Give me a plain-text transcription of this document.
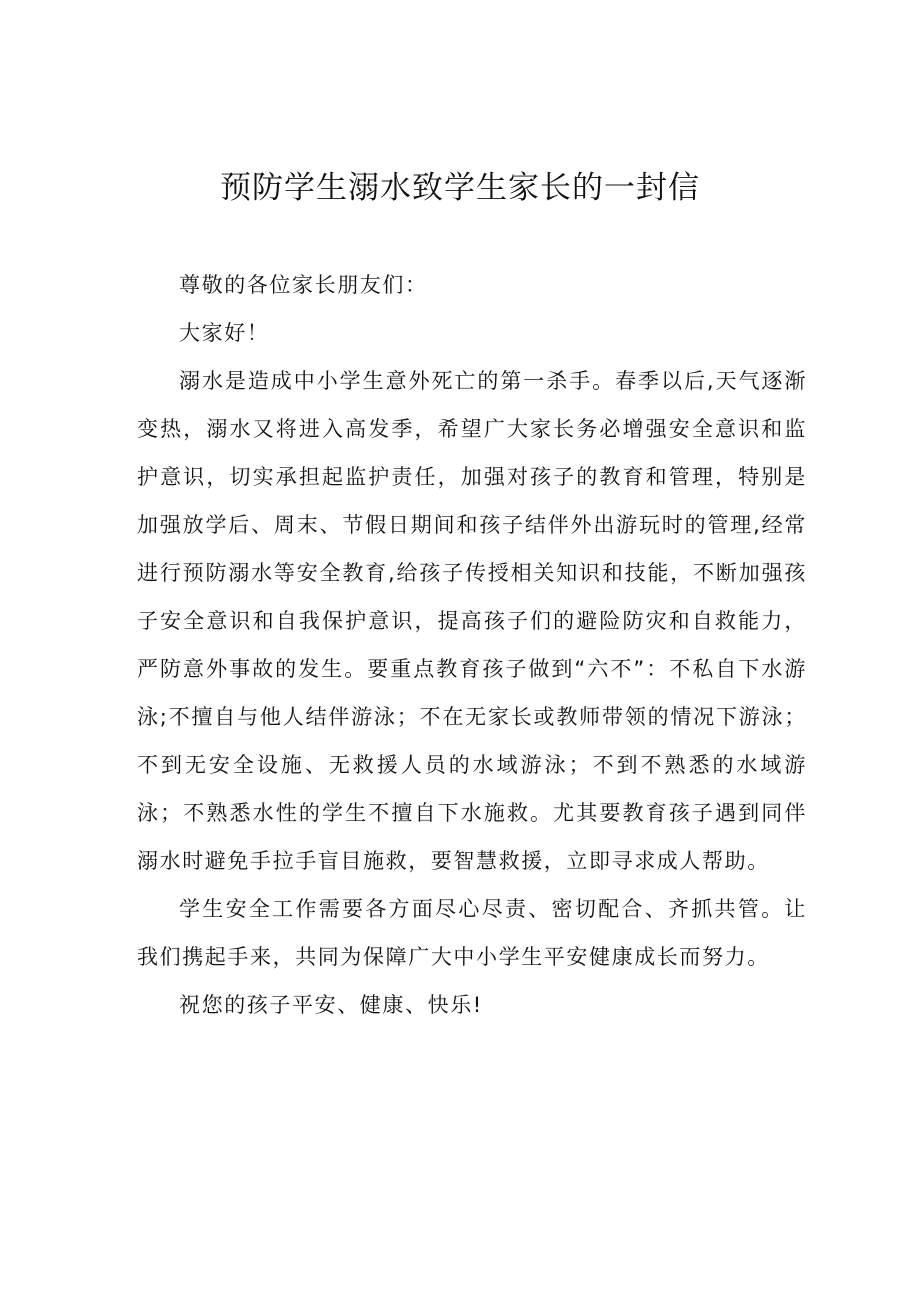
预防学生溺水致学生家长的一封信

尊敬的各位家长朋友们：

大家好！

溺水是造成中小学生意外死亡的第一杀手。春季以后,天气逐渐变热，溺水又将进入高发季，希望广大家长务必增强安全意识和监护意识，切实承担起监护责任，加强对孩子的教育和管理，特别是加强放学后、周末、节假日期间和孩子结伴外出游玩时的管理,经常进行预防溺水等安全教育,给孩子传授相关知识和技能，不断加强孩子安全意识和自我保护意识，提高孩子们的避险防灾和自救能力，严防意外事故的发生。要重点教育孩子做到“六不”：不私自下水游泳;不擅自与他人结伴游泳；不在无家长或教师带领的情况下游泳；不到无安全设施、无救援人员的水域游泳；不到不熟悉的水域游泳；不熟悉水性的学生不擅自下水施救。尤其要教育孩子遇到同伴溺水时避免手拉手盲目施救，要智慧救援，立即寻求成人帮助。

学生安全工作需要各方面尽心尽责、密切配合、齐抓共管。让我们携起手来，共同为保障广大中小学生平安健康成长而努力。

祝您的孩子平安、健康、快乐!
